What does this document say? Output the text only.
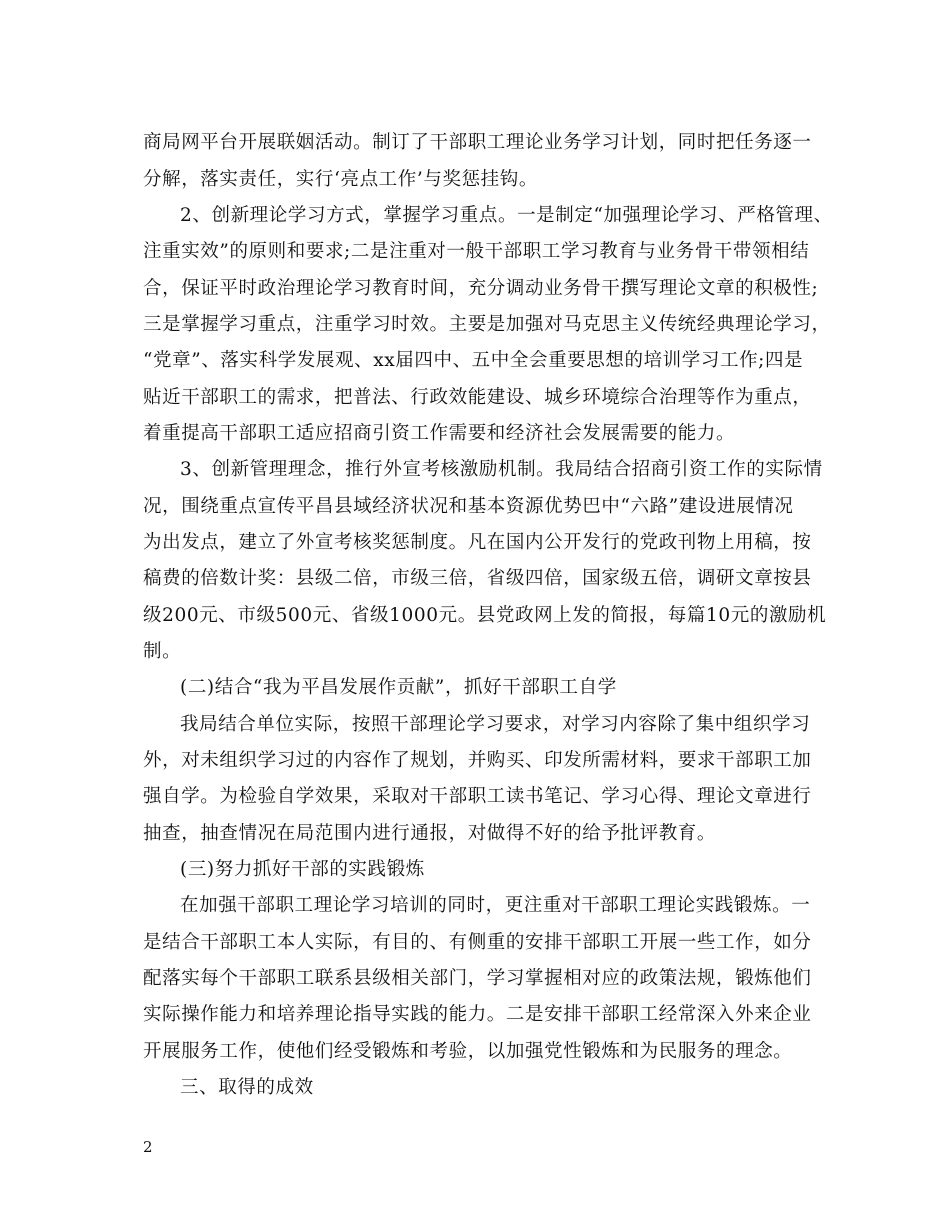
商局网平台开展联姻活动。制订了干部职工理论业务学习计划，同时把任务逐一
分解，落实责任，实行‘亮点工作’与奖惩挂钩。
2、创新理论学习方式，掌握学习重点。一是制定“加强理论学习、严格管理、
注重实效”的原则和要求;二是注重对一般干部职工学习教育与业务骨干带领相结
合，保证平时政治理论学习教育时间，充分调动业务骨干撰写理论文章的积极性;
三是掌握学习重点，注重学习时效。主要是加强对马克思主义传统经典理论学习，
“党章”、落实科学发展观、xx届四中、五中全会重要思想的培训学习工作;四是
贴近干部职工的需求，把普法、行政效能建设、城乡环境综合治理等作为重点，
着重提高干部职工适应招商引资工作需要和经济社会发展需要的能力。
3、创新管理理念，推行外宣考核激励机制。我局结合招商引资工作的实际情
况，围绕重点宣传平昌县域经济状况和基本资源优势巴中“六路”建设进展情况
为出发点，建立了外宣考核奖惩制度。凡在国内公开发行的党政刊物上用稿，按
稿费的倍数计奖：县级二倍，市级三倍，省级四倍，国家级五倍，调研文章按县
级200元、市级500元、省级1000元。县党政网上发的简报，每篇10元的激励机
制。
(二)结合“我为平昌发展作贡献”，抓好干部职工自学
我局结合单位实际，按照干部理论学习要求，对学习内容除了集中组织学习
外，对未组织学习过的内容作了规划，并购买、印发所需材料，要求干部职工加
强自学。为检验自学效果，采取对干部职工读书笔记、学习心得、理论文章进行
抽查，抽查情况在局范围内进行通报，对做得不好的给予批评教育。
(三)努力抓好干部的实践锻炼
在加强干部职工理论学习培训的同时，更注重对干部职工理论实践锻炼。一
是结合干部职工本人实际，有目的、有侧重的安排干部职工开展一些工作，如分
配落实每个干部职工联系县级相关部门，学习掌握相对应的政策法规，锻炼他们
实际操作能力和培养理论指导实践的能力。二是安排干部职工经常深入外来企业
开展服务工作，使他们经受锻炼和考验，以加强党性锻炼和为民服务的理念。
三、取得的成效
2
